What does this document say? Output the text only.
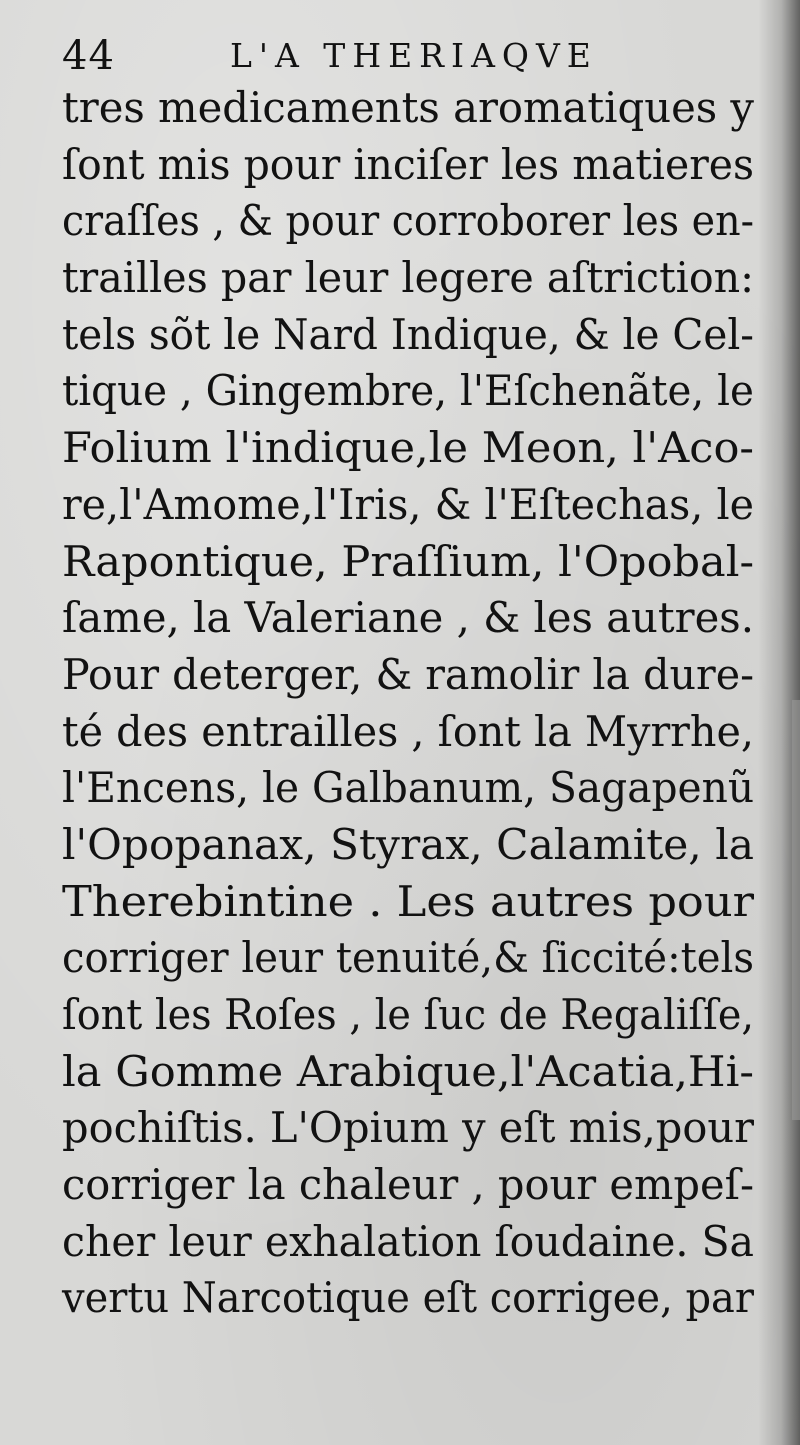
44	L'A THERIAQVE
tres medicaments aromatiques y
ſont mis pour inciſer les matieres
craſſes , & pour corroborer les en-
trailles par leur legere aſtriction:
tels sõt le Nard Indique, & le Cel-
tique , Gingembre, l'Eſchenãte, le
Folium l'indique,le Meon, l'Aco-
re,l'Amome,l'Iris, & l'Eſtechas, le
Rapontique, Praſſium, l'Opobal-
ſame, la Valeriane , & les autres.
Pour deterger, & ramolir la dure-
té des entrailles , ſont la Myrrhe,
l'Encens, le Galbanum, Sagapenũ
l'Opopanax, Styrax, Calamite, la
Therebintine . Les autres pour
corriger leur tenuité,& ſiccité:tels
ſont les Roſes , le ſuc de Regaliſſe,
la Gomme Arabique,l'Acatia,Hi-
pochiſtis. L'Opium y eſt mis,pour
corriger la chaleur , pour empeſ-
cher leur exhalation ſoudaine. Sa
vertu Narcotique eſt corrigee, par
